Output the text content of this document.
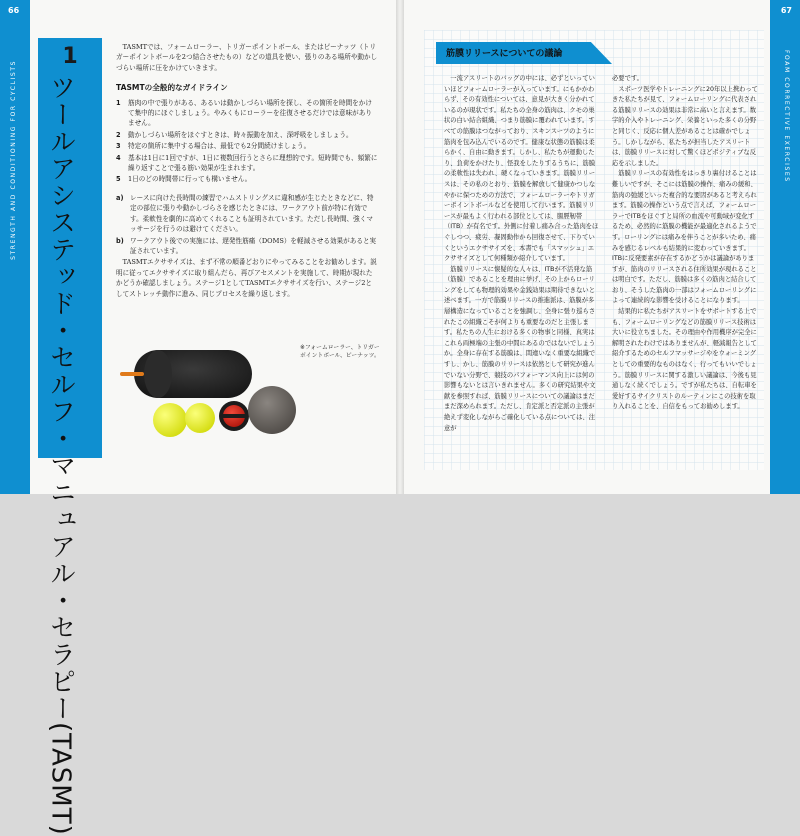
66	67
STRENGTH AND CONDITIONING FOR CYCLISTS	FOAM CORRECTIVE EXERCISES
1
ツールアシステッド・セルフ・マニュアル・セラピー(TASMT)

TASMTでは、フォームローラー、トリガーポイントボール、またはピーナッツ（トリガーポイントボールを2つ結合させたもの）などの道具を使い、張りのある場所や動かしづらい場所に圧をかけていきます。

TASMTの全般的なガイドライン
1 筋肉の中で張りがある、あるいは動かしづらい場所を探し、その箇所を時間をかけて集中的にほぐしましょう。やみくもにローラーを往復させるだけでは意味がありません。
2 動かしづらい場所をほぐすときは、時々振動を加え、深呼吸をしましょう。
3 特定の箇所に集中する場合は、最低でも2分間続けましょう。
4 基本は1日に1回ですが、1日に複数回行うとさらに理想的です。短時間でも、頻繁に繰り返すことで張る筋い効果が生まれます。
5 1日のどの時間帯に行っても構いません。
a) レースに向けた長時間の練習でハムストリングスに違和感が生じたときなどに、特定の部位に張りや動かしづらさを感じたときには、ワークアウト前が特に有効です。柔軟性を劇的に高めてくれることも証明されています。ただし長時間、強くマッサージを行うのは避けてください。
b) ワークアウト後での実施には、遅発性筋痛（DOMS）を軽減させる効果があると実証されています。

TASMTエクササイズは、まず不常の順番どおりにやってみることをお勧めします。説明に従ってエクササイズに取り組んだら、再びアセスメントを実施して、時期が現れたかどうか確認しましょう。ステージ1としてTASMTエクササイズを行い、ステージ2としてストレッチ動作に進み、同じプロセスを繰り返します。

※フォームローラー、トリガーポイントボール、ピーナッツ。
筋膜リリースについての議論

一流アスリートのバッグの中には、必ずといっていいほどフォームローラーが入っています。にもかかわらず、その有効性については、意見が大きく分かれているのが現状です。私たちの全身の筋肉は、クモの巣状の白い結合組織、つまり筋膜に覆われています。すべての筋膜はつながっており、スキンスーツのように筋肉を包み込んでいるのです。健康な状態の筋膜は柔らかく、自由に動きます。しかし、私たちが運動したり、負荷をかけたり、怪我をしたりするうちに、筋膜の柔軟性は失われ、硬くなっていきます。筋膜リリースは、その私のとおり、筋膜を解放して健康かつしなやかに保つための方法で、フォームローラーやトリガーポイントボールなどを使用して行います。筋膜リリースが最もよく行われる部位としては、腸脛靭帯（ITB）が有名です。外側に付着し痛み合った筋肉をほぐしつつ、疲労、凝固動作から回復させて、下りていくというエクササイズを、本書でも「スマッシュ」エクササイズとして何種類か紹介しています。

筋膜リリースに懐疑的な人々は、ITBが不活発な筋（筋膜）であることを理由に挙げ、その上からローリングをしても物理的効果や金銭効果は期待できないと述べます。一方で筋膜リリースの推進派は、筋膜が多層構造になっていることを強調し、全身に張り巡らされたこの組織こそが何よりも重要なのだと主張します。私たちの人生における多くの物事と同様、真実はこれら両極端の主張の中間にあるのではないでしょうか。全身に存在する筋膜は、間違いなく重要な組織ですし、かし、筋膜のリリースは依然として研究が進んでいない分野で、競技のパフォーマンス向上には何の影響もないとは言いきれません。多くの研究結果や文献を参照すれば、筋膜リリースについての議論はまだまだ深められます。ただし、肯定派と否定派の主張が絶えず変化しながらご確化している点については、注意が

必要です。

スポーツ医学やトレーニングに20年以上携わってきた私たちが見て、フォームローリングに代表される筋膜リリースの効果は非常に高いと言えます。数字的介入やトレーニング、栄養といった多くの分野と同じく、反応に個人差があることは確かでしょう。しかしながら、私たちが担当したアスリートは、筋膜リリースに対して驚くほどポジティブな反応を示しました。

筋膜リリースの有効性をはっきり裏付けることは難しいですが、そこには筋膜の操作、痛みの緩和、筋肉の弛緩といった複合的な要因があると考えられます。筋膜の操作という点で言えば、フォームローラーでITBをほぐすと局所の血流や可動域が変化するため、必然的に筋膜の機能が最適化されるようです。ローリングには痛みを伴うことが多いため、痛みを感じるレベルも結果的に変わっていきます。ITBに反発要素が存在するかどうかは議論がありますが、筋肉のリリースされる住所効果が現れることは明白です。ただし、筋膜は多くの筋肉と結合しており、そうした筋肉の一部はフォームローリングによって連続的な影響を受けることになります。

結果的に私たちがアスリートをサポートする上でも、フォームローリングなどの筋膜リリース技術は大いに役立ちました。その理由や作用機序が完全に解明されたわけではありませんが、軽減報告として紹介するためのセルフマッサージやをウォーミングとしての重要的なものはなく、行ってもいいでしょう。筋膜リリースに関する激しい議論は、今後も見通しなく続くでしょう。ですが私たちは、自転車を愛好するサイクリストのルーティンにこの技術を取り入れることを、自信をもってお勧めします。
